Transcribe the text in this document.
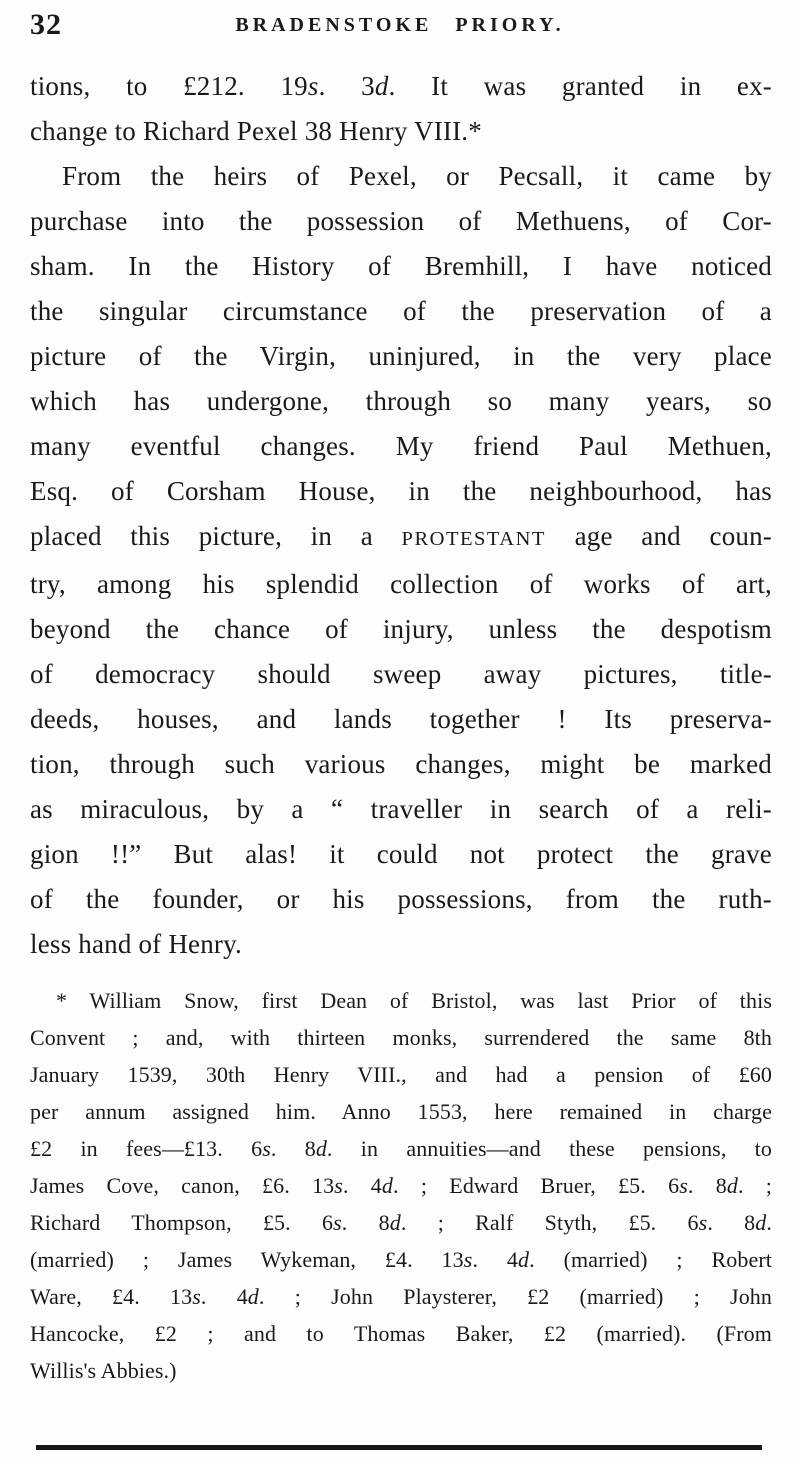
32	BRADENSTOKE PRIORY.
tions, to £212. 19s. 3d. It was granted in ex-
change to Richard Pexel 38 Henry VIII.*
From the heirs of Pexel, or Pecsall, it came by
purchase into the possession of Methuens, of Cor-
sham. In the History of Bremhill, I have noticed
the singular circumstance of the preservation of a
picture of the Virgin, uninjured, in the very place
which has undergone, through so many years, so
many eventful changes. My friend Paul Methuen,
Esq. of Corsham House, in the neighbourhood, has
placed this picture, in a PROTESTANT age and coun-
try, among his splendid collection of works of art,
beyond the chance of injury, unless the despotism
of democracy should sweep away pictures, title-
deeds, houses, and lands together ! Its preserva-
tion, through such various changes, might be marked
as miraculous, by a “ traveller in search of a reli-
gion !!” But alas! it could not protect the grave
of the founder, or his possessions, from the ruth-
less hand of Henry.
* William Snow, first Dean of Bristol, was last Prior of this
Convent ; and, with thirteen monks, surrendered the same 8th
January 1539, 30th Henry VIII., and had a pension of £60
per annum assigned him. Anno 1553, here remained in charge
£2 in fees—£13. 6s. 8d. in annuities—and these pensions, to
James Cove, canon, £6. 13s. 4d. ; Edward Bruer, £5. 6s. 8d. ;
Richard Thompson, £5. 6s. 8d. ; Ralf Styth, £5. 6s. 8d.
(married) ; James Wykeman, £4. 13s. 4d. (married) ; Robert
Ware, £4. 13s. 4d. ; John Playsterer, £2 (married) ; John
Hancocke, £2 ; and to Thomas Baker, £2 (married). (From
Willis's Abbies.)
